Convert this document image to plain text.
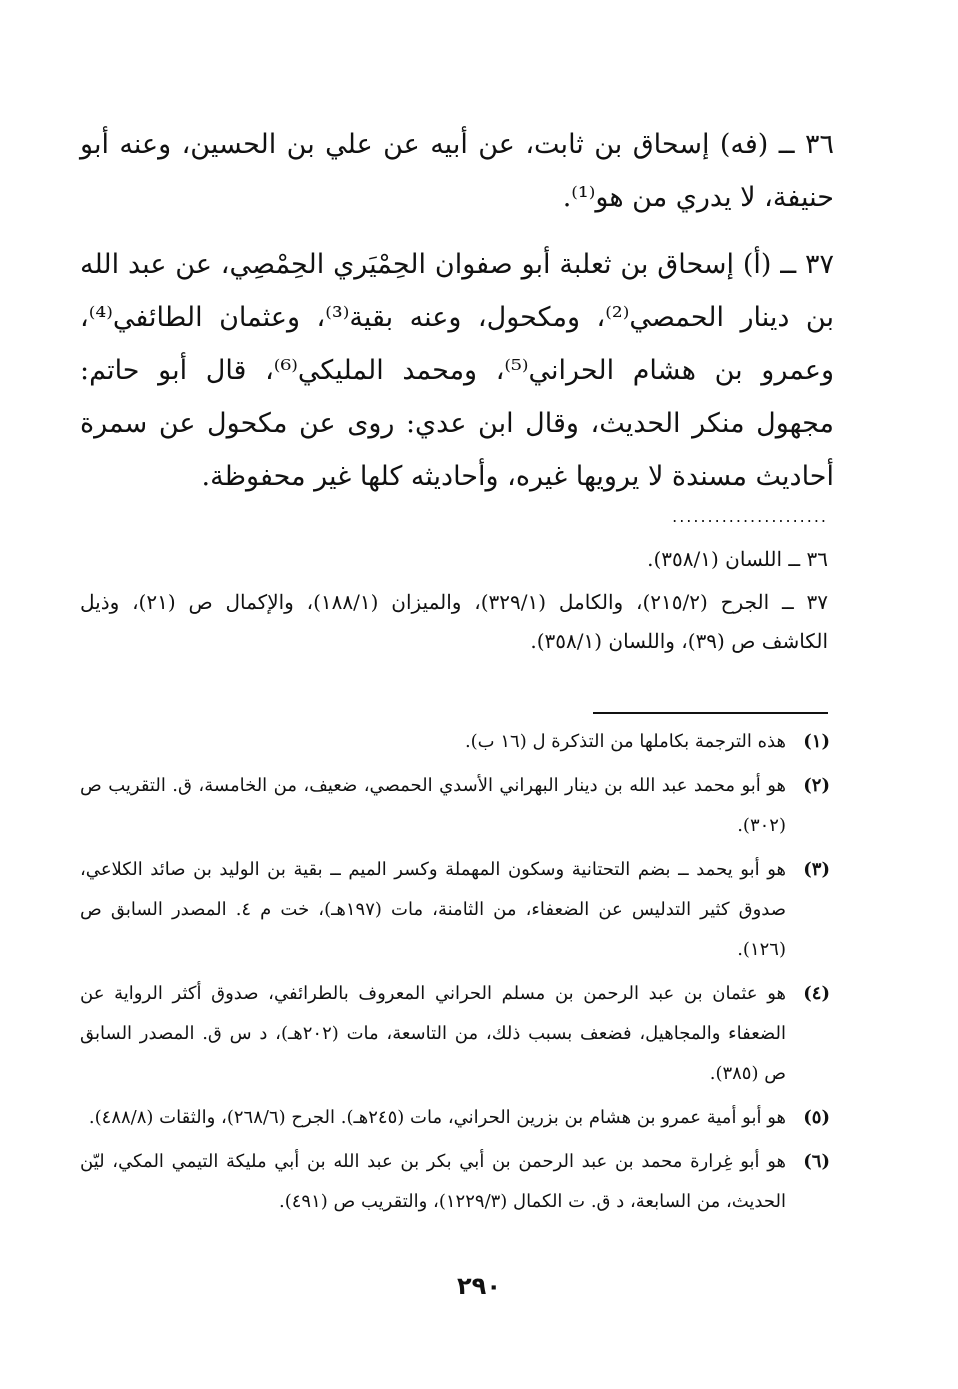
٣٦ ــ (فه) إسحاق بن ثابت، عن أبيه عن علي بن الحسين، وعنه أبو حنيفة، لا يدري من هو⁽¹⁾.

٣٧ ــ (أ) إسحاق بن ثعلبة أبو صفوان الحِمْيَري الحِمْصِي، عن عبد الله بن دينار الحمصي⁽²⁾، ومكحول، وعنه بقية⁽³⁾، وعثمان الطائفي⁽⁴⁾، وعمرو بن هشام الحراني⁽⁵⁾، ومحمد المليكي⁽⁶⁾، قال أبو حاتم: مجهول منكر الحديث، وقال ابن عدي: روى عن مكحول عن سمرة أحاديث مسندة لا يرويها غيره، وأحاديثه كلها غير محفوظة.

......................

٣٦ ــ اللسان (٣٥٨/١).

٣٧ ــ الجرح (٢١٥/٢)، والكامل (٣٢٩/١)، والميزان (١٨٨/١)، والإكمال ص (٢١)، وذيل الكاشف ص (٣٩)، واللسان (٣٥٨/١).

(١)
هذه الترجمة بكاملها من التذكرة ل (١٦ ب).
(٢)
هو أبو محمد عبد الله بن دينار البهراني الأسدي الحمصي، ضعيف، من الخامسة، ق. التقريب ص (٣٠٢).
(٣)
هو أبو يحمد ــ بضم التحتانية وسكون المهملة وكسر الميم ــ بقية بن الوليد بن صائد الكلاعي، صدوق كثير التدليس عن الضعفاء، من الثامنة، مات (١٩٧هـ)، خت م ٤. المصدر السابق ص (١٢٦).
(٤)
هو عثمان بن عبد الرحمن بن مسلم الحراني المعروف بالطرائفي، صدوق أكثر الرواية عن الضعفاء والمجاهيل، فضعف بسبب ذلك، من التاسعة، مات (٢٠٢هـ)، د س ق. المصدر السابق ص (٣٨٥).
(٥)
هو أبو أمية عمرو بن هشام بن بزرين الحراني، مات (٢٤٥هـ). الجرح (٢٦٨/٦)، والثقات (٤٨٨/٨).
(٦)
هو أبو غِرارة محمد بن عبد الرحمن بن أبي بكر بن عبد الله بن أبي مليكة التيمي المكي، ليّن الحديث، من السابعة، د ق. ت الكمال (١٢٢٩/٣)، والتقريب ص (٤٩١).
٢٩٠
